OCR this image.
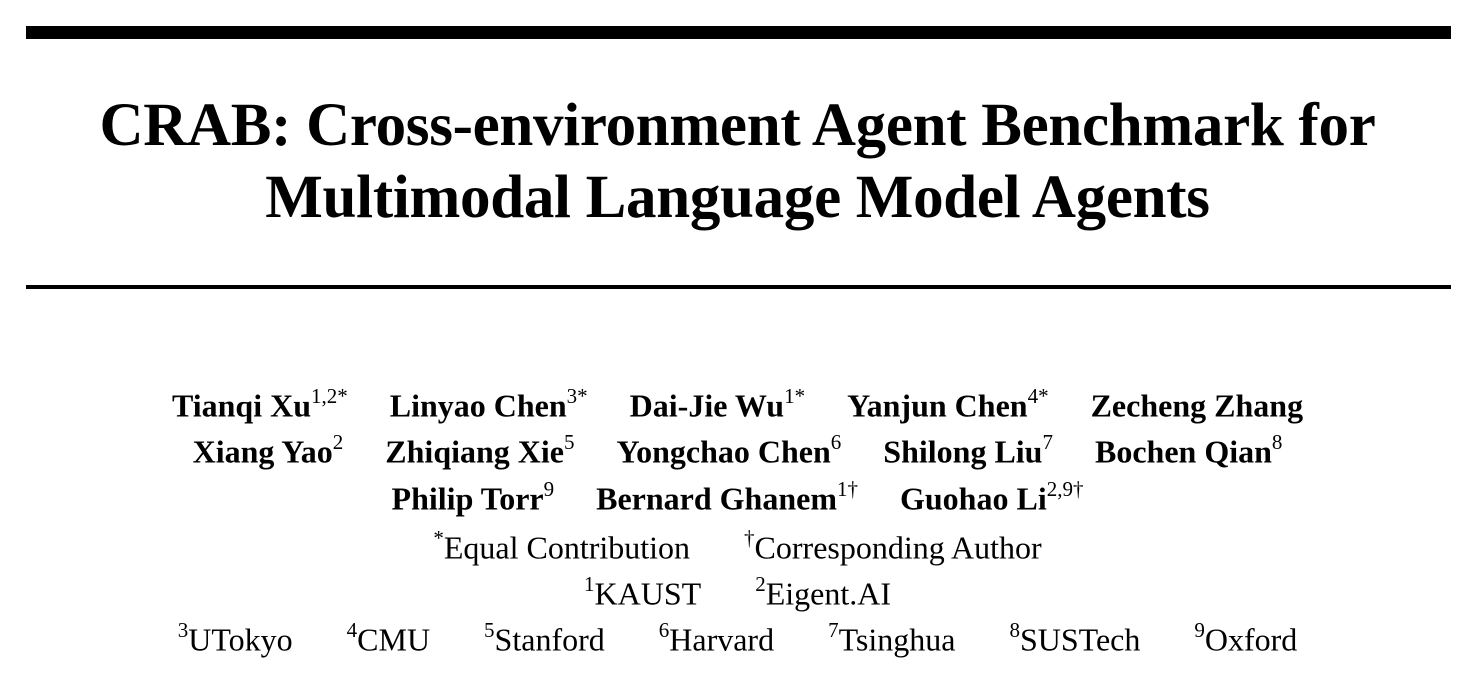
CRAB: Cross-environment Agent Benchmark for
Multimodal Language Model Agents
Tianqi $Xu^{1,2*}$ Linyao Chen$^{3*}$ Dai-Jie $Wu^{1*}$ Yanjun Chen$^{4*}$ Zecheng Zhang
Xiang Yao$^2$ Zhiqiang Xie$^5$ Yongchao Chen$^6$ Shilong Liu$^7$ Bochen Qian$^8$
Philip Torr$^9$ Bernard Ghanem$^{1\dagger}$ Guohao $Li^{2,9\dagger}$
*Equal Contribution	†Corresponding Author
$^1$KAUST	$^2$Eigent.AI
$^3$UTokyo	$^4$CMU	$^5$Stanford	$^6$Harvard	$^7$Tsinghua	$^8$SUSTech	$^9$Oxford
